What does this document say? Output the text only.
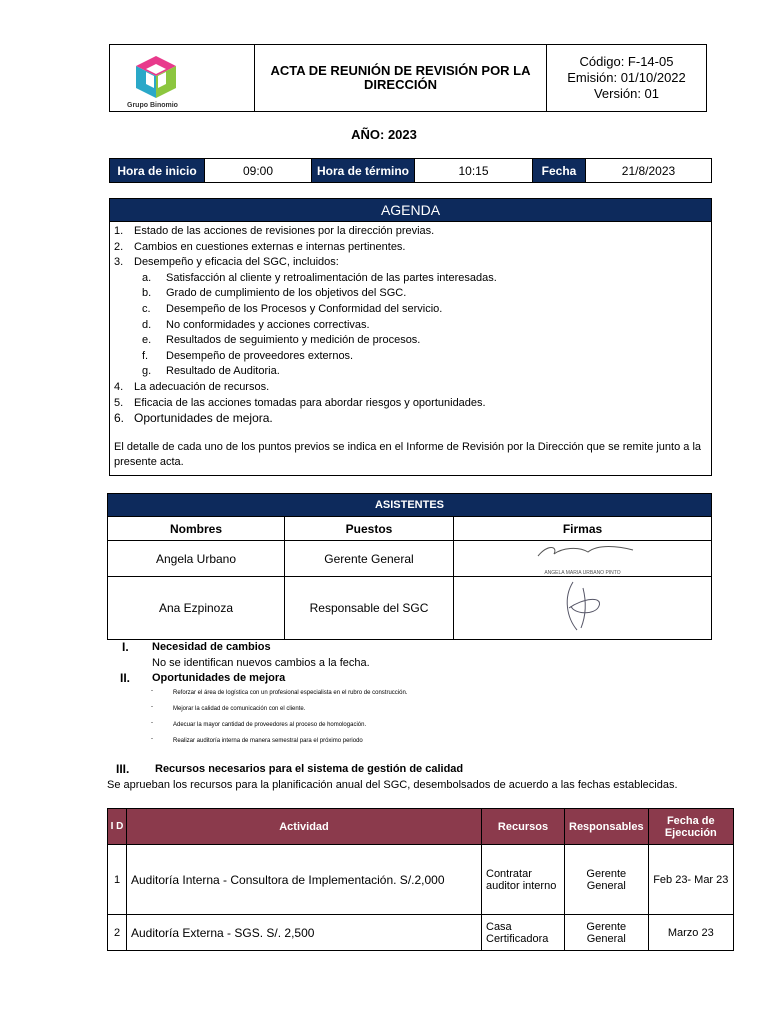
Grupo Binomio
ACTA DE REUNIÓN DE REVISIÓN POR LA DIRECCIÓN
Código: F-14-05
Emisión: 01/10/2022
Versión: 01
AÑO: 2023
Hora de inicio	09:00	Hora de término	10:15	Fecha	21/8/2023
AGENDA
1. Estado de las acciones de revisiones por la dirección previas.
2. Cambios en cuestiones externas e internas pertinentes.
3. Desempeño y eficacia del SGC, incluidos:
a. Satisfacción al cliente y retroalimentación de las partes interesadas.
b. Grado de cumplimiento de los objetivos del SGC.
c. Desempeño de los Procesos y Conformidad del servicio.
d. No conformidades y acciones correctivas.
e. Resultados de seguimiento y medición de procesos.
f. Desempeño de proveedores externos.
g. Resultado de Auditoria.
4. La adecuación de recursos.
5. Eficacia de las acciones tomadas para abordar riesgos y oportunidades.
6. Oportunidades de mejora.
El detalle de cada uno de los puntos previos se indica en el Informe de Revisión por la Dirección que se remite junto a la presente acta.
ASISTENTES
Nombres	Puestos	Firmas
Angela Urbano	Gerente General	ANGELA MARIA URBANO PINTO

Ana Ezpinoza	Responsable del SGC	
I. Necesidad de cambios
No se identifican nuevos cambios a la fecha.
II. Oportunidades de mejora
-	Reforzar el área de logística con un profesional especialista en el rubro de construcción.
-	Mejorar la calidad de comunicación con el cliente.
-	Adecuar la mayor cantidad de proveedores al proceso de homologación.
-	Realizar auditoría interna de manera semestral para el próximo periodo
III. Recursos necesarios para el sistema de gestión de calidad
Se aprueban los recursos para la planificación anual del SGC, desembolsados de acuerdo a las fechas establecidas.
I D	Actividad	Recursos	Responsables	Fecha de Ejecución
1	Auditoría Interna - Consultora de Implementación. S/.2,000	Contratar auditor interno	Gerente General	Feb 23- Mar 23
2	Auditoría Externa - SGS. S/. 2,500	Casa Certificadora	Gerente General	Marzo 23
